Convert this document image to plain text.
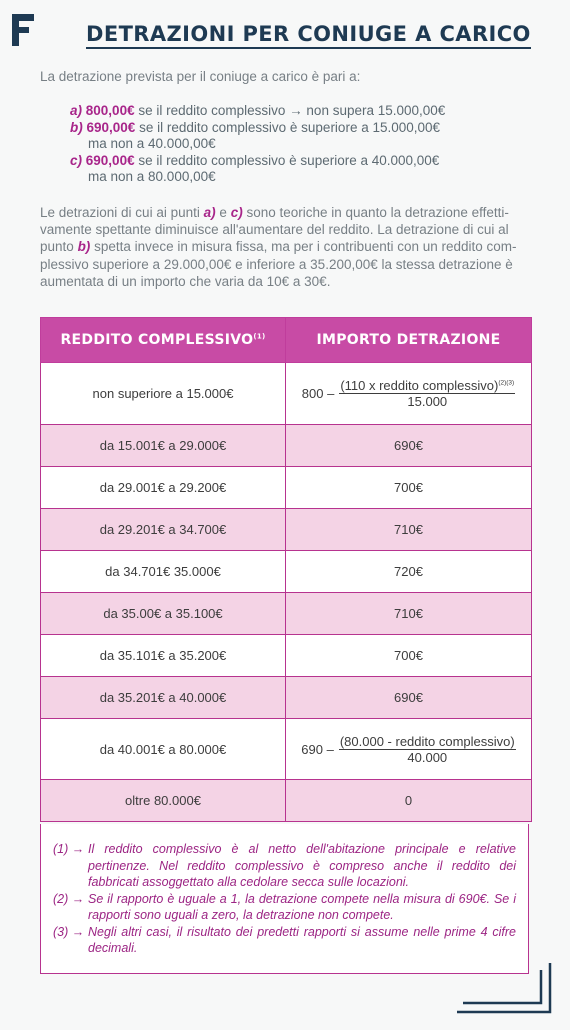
DETRAZIONI PER CONIUGE A CARICO
La detrazione prevista per il coniuge a carico è pari a:
a) 800,00€ se il reddito complessivo → non supera 15.000,00€
b) 690,00€ se il reddito complessivo è superiore a 15.000,00€
ma non a 40.000,00€
c) 690,00€ se il reddito complessivo è superiore a 40.000,00€
ma non a 80.000,00€
Le detrazioni di cui ai punti a) e c) sono teoriche in quanto la detrazione effetti-vamente spettante diminuisce all'aumentare del reddito. La detrazione di cui al punto b) spetta invece in misura fissa, ma per i contribuenti con un reddito com-plessivo superiore a 29.000,00€ e inferiore a 35.200,00€ la stessa detrazione è aumentata di un importo che varia da 10€ a 30€.
REDDITO COMPLESSIVO$^{(1)}$	IMPORTO DETRAZIONE
non superiore a 15.000€	800 –
(110 x reddito complessivo)$^{(2)(3)}$
15.000

da 15.001€ a 29.000€	690€
da 29.001€ a 29.200€	700€
da 29.201€ a 34.700€	710€
da 34.701€ 35.000€	720€
da 35.00€ a 35.100€	710€
da 35.101€ a 35.200€	700€
da 35.201€ a 40.000€	690€
da 40.001€ a 80.000€	690 –
(80.000 - reddito complessivo)
40.000

oltre 80.000€	0
(1) → Il reddito complessivo è al netto dell'abitazione principale e relative pertinenze. Nel reddito complessivo è compreso anche il reddito dei fabbricati assoggettato alla cedolare secca sulle locazioni.
(2) → Se il rapporto è uguale a 1, la detrazione compete nella misura di 690€. Se i rapporti sono uguali a zero, la detrazione non compete.
(3) → Negli altri casi, il risultato dei predetti rapporti si assume nelle prime 4 cifre decimali.
